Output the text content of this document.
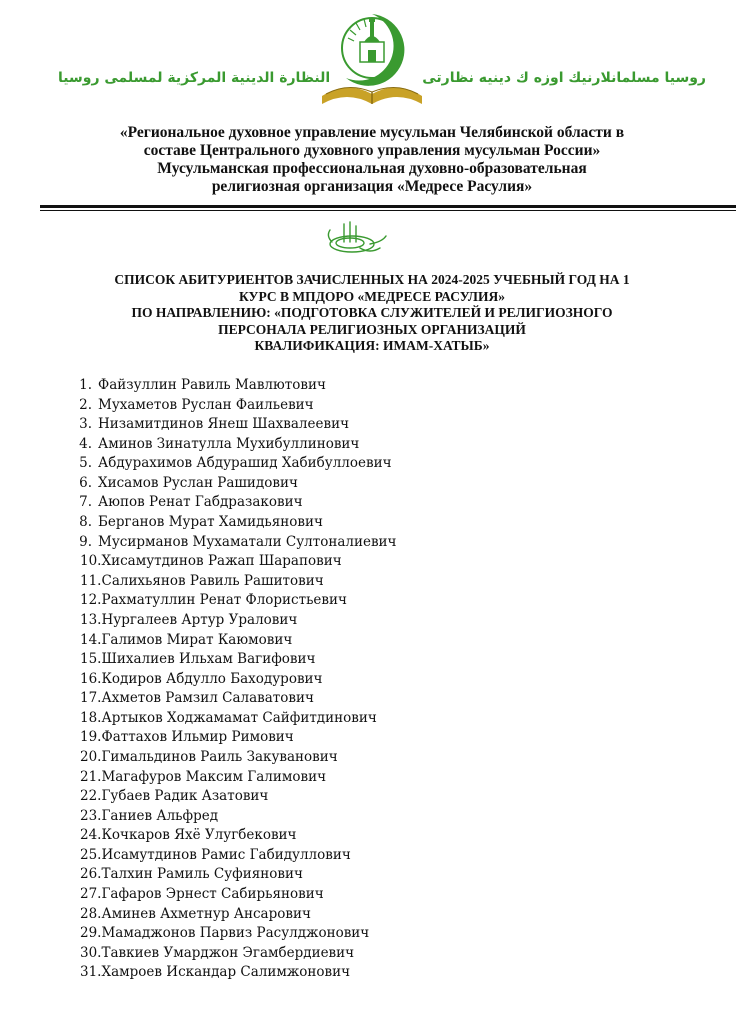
روسيا مسلمانلارنيك اوزه ك دينيه نظارتى
النظارة الدينية المركزية لمسلمى روسيا
«Региональное духовное управление мусульман Челябинской области в
составе Центрального духовного управления мусульман России»
Мусульманская профессиональная духовно-образовательная
религиозная организация «Медресе Расулия»
СПИСОК АБИТУРИЕНТОВ ЗАЧИСЛЕННЫХ НА 2024-2025 УЧЕБНЫЙ ГОД НА 1
КУРС В МПДОРО «МЕДРЕСЕ РАСУЛИЯ»
ПО НАПРАВЛЕНИЮ: «ПОДГОТОВКА СЛУЖИТЕЛЕЙ И РЕЛИГИОЗНОГО
ПЕРСОНАЛА РЕЛИГИОЗНЫХ ОРГАНИЗАЦИЙ
КВАЛИФИКАЦИЯ: ИМАМ-ХАТЫБ»
1. Файзуллин Равиль Мавлютович
2. Мухаметов Руслан Фаильевич
3. Низамитдинов Янеш Шахвалеевич
4. Аминов Зинатулла Мухибуллинович
5. Абдурахимов Абдурашид Хабибуллоевич
6. Хисамов Руслан Рашидович
7. Аюпов Ренат Габдразакович
8. Берганов Мурат Хамидьянович
9. Мусирманов Мухаматали Султоналиевич
10.Хисамутдинов Ражап Шарапович
11.Салихьянов Равиль Рашитович
12.Рахматуллин Ренат Флористьевич
13.Нургалеев Артур Уралович
14.Галимов Мират Каюмович
15.Шихалиев Ильхам Вагифович
16.Кодиров Абдулло Баходурович
17.Ахметов Рамзил Салаватович
18.Артыков Ходжамамат Сайфитдинович
19.Фаттахов Ильмир Римович
20.Гимальдинов Раиль Закуванович
21.Магафуров Максим Галимович
22.Губаев Радик Азатович
23.Ганиев Альфред
24.Кочкаров Яхё Улугбекович
25.Исамутдинов Рамис Габидуллович
26.Талхин Рамиль Суфиянович
27.Гафаров Эрнест Сабирьянович
28.Аминев Ахметнур Ансарович
29.Мамаджонов Парвиз Расулджонович
30.Тавкиев Умарджон Эгамбердиевич
31.Хамроев Искандар Салимжонович
